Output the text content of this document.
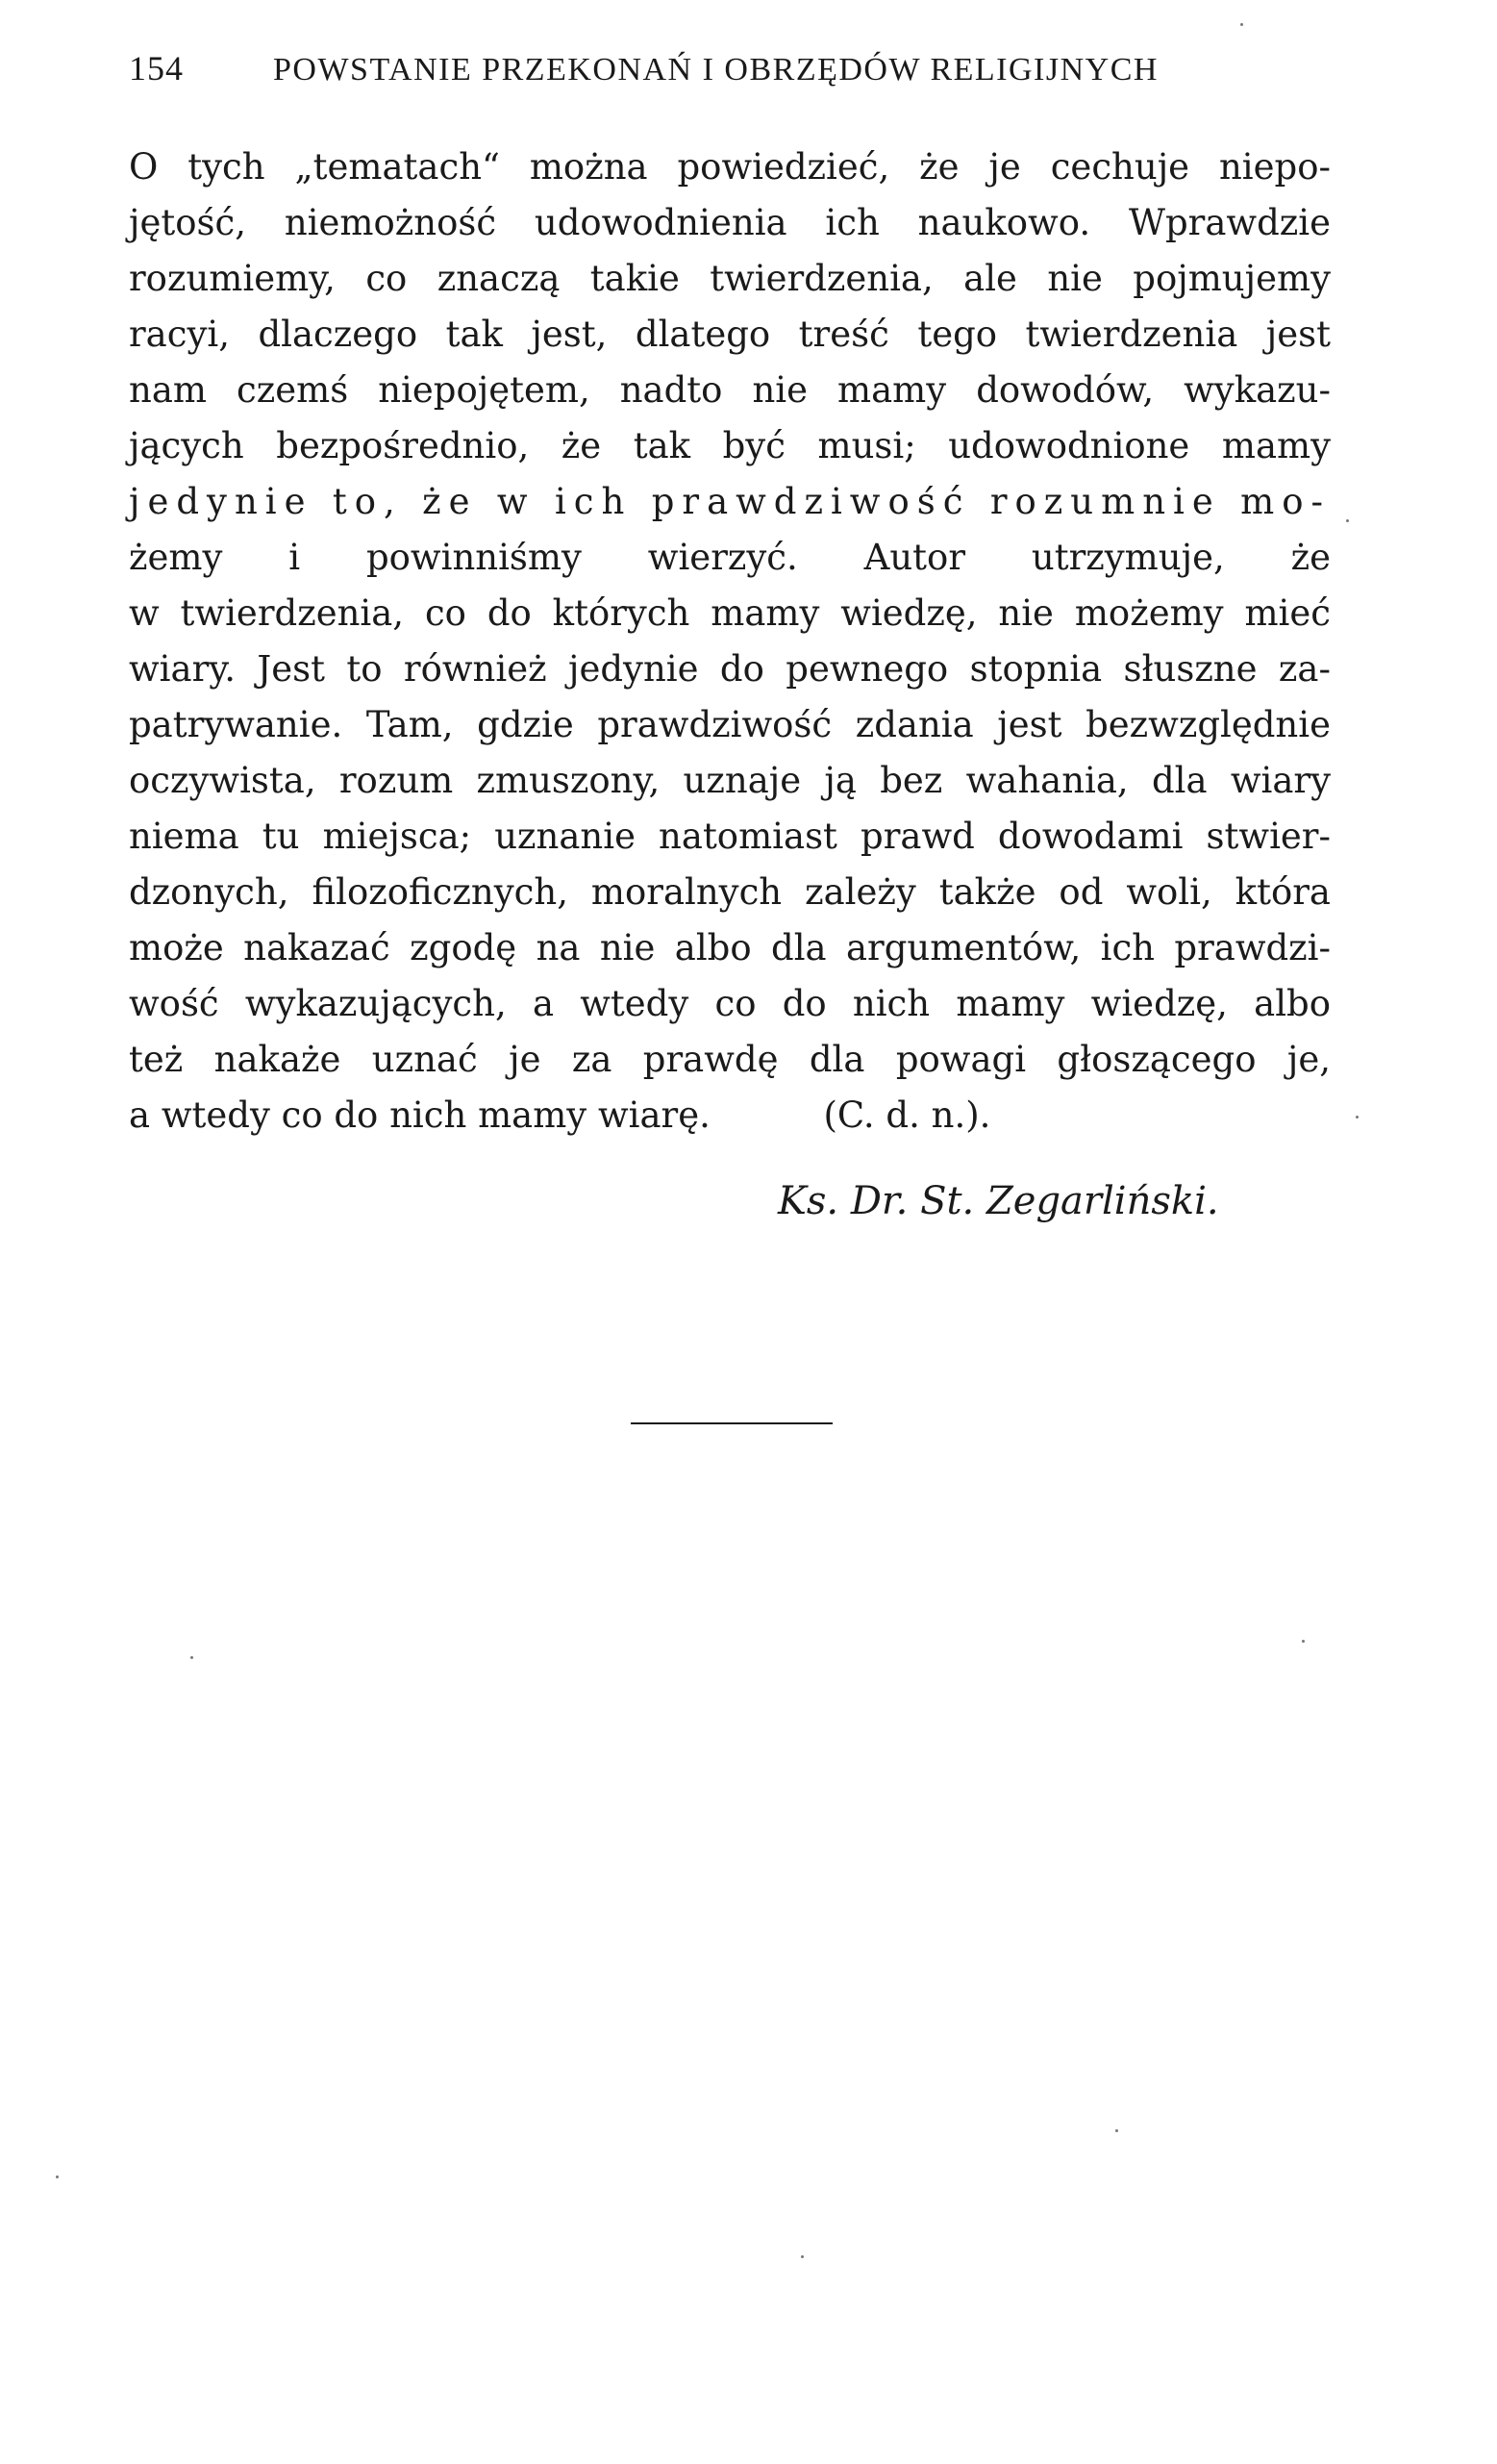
154	POWSTANIE PRZEKONAŃ I OBRZĘDÓW RELIGIJNYCH
O tych „tematach“ można powiedzieć, że je cechuje niepo-
jętość, niemożność udowodnienia ich naukowo. Wprawdzie
rozumiemy, co znaczą takie twierdzenia, ale nie pojmujemy
racyi, dlaczego tak jest, dlatego treść tego twierdzenia jest
nam czemś niepojętem, nadto nie mamy dowodów, wykazu-
jących bezpośrednio, że tak być musi; udowodnione mamy
jedynie to, że w ich prawdziwość rozumnie mo-
żemy i powinniśmy wierzyć. Autor utrzymuje, że
w twierdzenia, co do których mamy wiedzę, nie możemy mieć
wiary. Jest to również jedynie do pewnego stopnia słuszne za-
patrywanie. Tam, gdzie prawdziwość zdania jest bezwzględnie
oczywista, rozum zmuszony, uznaje ją bez wahania, dla wiary
niema tu miejsca; uznanie natomiast prawd dowodami stwier-
dzonych, filozoficznych, moralnych zależy także od woli, która
może nakazać zgodę na nie albo dla argumentów, ich prawdzi-
wość wykazujących, a wtedy co do nich mamy wiedzę, albo
też nakaże uznać je za prawdę dla powagi głoszącego je,
a wtedy co do nich mamy wiarę.          (C. d. n.).
Ks. Dr. St. Zegarliński.
